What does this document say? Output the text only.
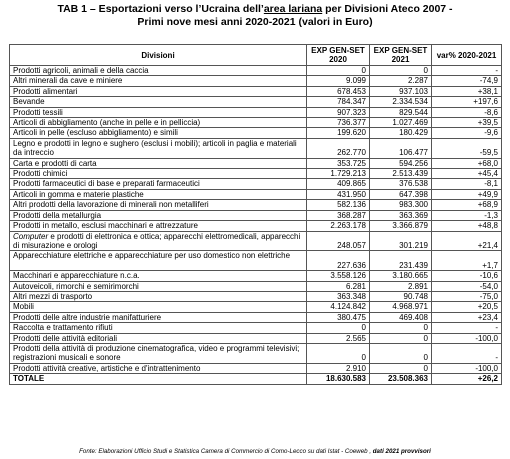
TAB 1 – Esportazioni verso l’Ucraina dell’area lariana per Divisioni Ateco 2007 -
Primi nove mesi anni 2020-2021 (valori in Euro)
Divisioni	EXP GEN-SET 2020	EXP GEN-SET 2021	var% 2020-2021
Prodotti agricoli, animali e della caccia	0	0	-
Altri minerali da cave e miniere	9.099	2.287	-74,9
Prodotti alimentari	678.453	937.103	+38,1
Bevande	784.347	2.334.534	+197,6
Prodotti tessili	907.323	829.544	-8,6
Articoli di abbigliamento (anche in pelle e in pelliccia)	736.377	1.027.469	+39,5
Articoli in pelle (escluso abbigliamento) e simili	199.620	180.429	-9,6
Legno e prodotti in legno e sughero (esclusi i mobili); articoli in paglia e materiali da intreccio	262.770	106.477	-59,5
Carta e prodotti di carta	353.725	594.256	+68,0
Prodotti chimici	1.729.213	2.513.439	+45,4
Prodotti farmaceutici di base e preparati farmaceutici	409.865	376.538	-8,1
Articoli in gomma e materie plastiche	431.950	647.398	+49,9
Altri prodotti della lavorazione di minerali non metalliferi	582.136	983.300	+68,9
Prodotti della metallurgia	368.287	363.369	-1,3
Prodotti in metallo, esclusi macchinari e attrezzature	2.263.178	3.366.879	+48,8
Computer e prodotti di elettronica e ottica; apparecchi elettromedicali, apparecchi di misurazione e orologi	248.057	301.219	+21,4
Apparecchiature elettriche e apparecchiature per uso domestico non elettriche	227.636	231.439	+1,7
Macchinari e apparecchiature n.c.a.	3.558.126	3.180.665	-10,6
Autoveicoli, rimorchi e semirimorchi	6.281	2.891	-54,0
Altri mezzi di trasporto	363.348	90.748	-75,0
Mobili	4.124.842	4.968.971	+20,5
Prodotti delle altre industrie manifatturiere	380.475	469.408	+23,4
Raccolta e trattamento rifiuti	0	0	-
Prodotti delle attività editoriali	2.565	0	-100,0
Prodotti della attività di produzione cinematografica, video e programmi televisivi; registrazioni musicali e sonore	0	0	-
Prodotti attività creative, artistiche e d'intrattenimento	2.910	0	-100,0
TOTALE	18.630.583	23.508.363	+26,2
Fonte: Elaborazioni Ufficio Studi e Statistica Camera di Commercio di Como-Lecco su dati Istat - Coeweb , dati 2021 provvisori
